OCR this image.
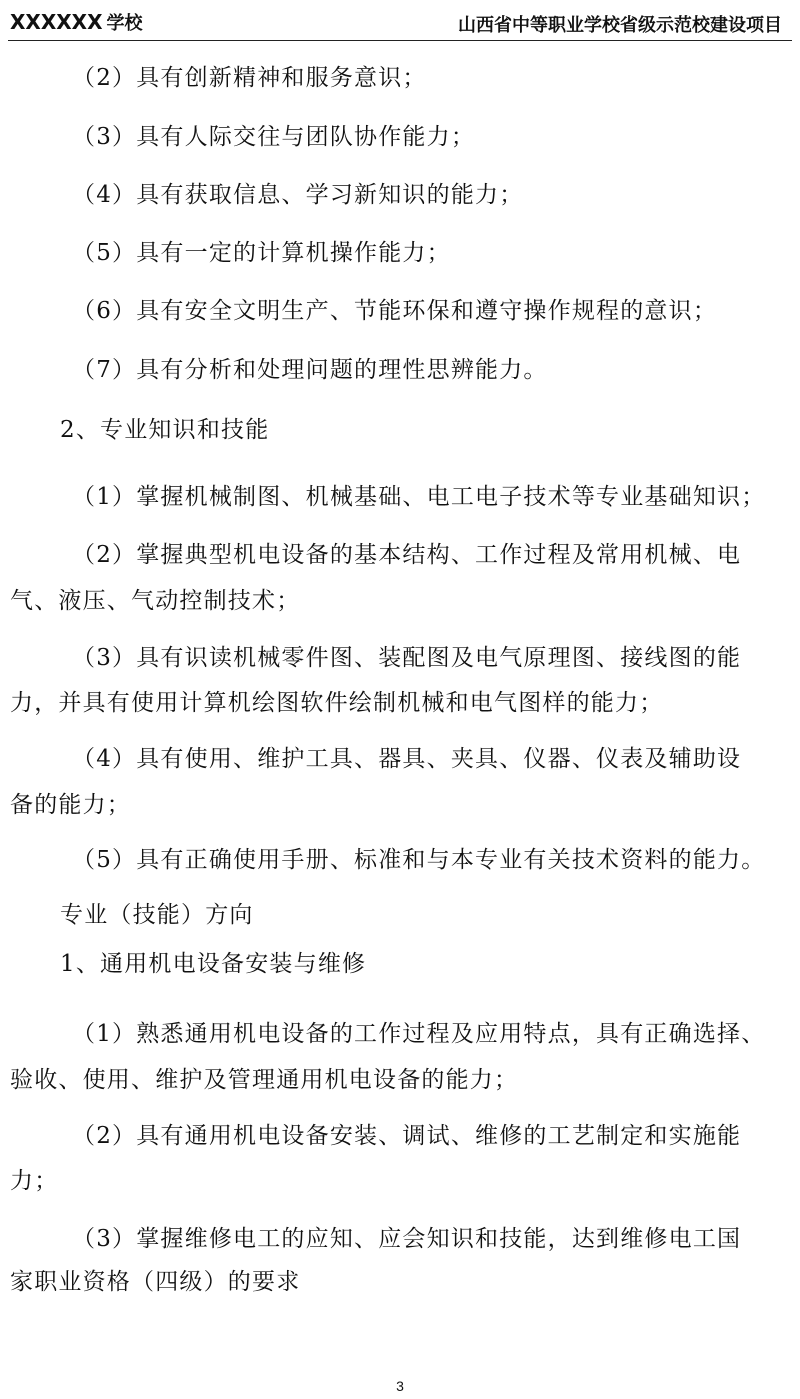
XXXXXX 学校	山西省中等职业学校省级示范校建设项目
（2）具有创新精神和服务意识；
（3）具有人际交往与团队协作能力；
（4）具有获取信息、学习新知识的能力；
（5）具有一定的计算机操作能力；
（6）具有安全文明生产、节能环保和遵守操作规程的意识；
（7）具有分析和处理问题的理性思辨能力。
2、专业知识和技能
（1）掌握机械制图、机械基础、电工电子技术等专业基础知识；
（2）掌握典型机电设备的基本结构、工作过程及常用机械、电
气、液压、气动控制技术；
（3）具有识读机械零件图、装配图及电气原理图、接线图的能
力，并具有使用计算机绘图软件绘制机械和电气图样的能力；
（4）具有使用、维护工具、器具、夹具、仪器、仪表及辅助设
备的能力；
（5）具有正确使用手册、标准和与本专业有关技术资料的能力。
专业（技能）方向
1、通用机电设备安装与维修
（1）熟悉通用机电设备的工作过程及应用特点，具有正确选择、
验收、使用、维护及管理通用机电设备的能力；
（2）具有通用机电设备安装、调试、维修的工艺制定和实施能
力；
（3）掌握维修电工的应知、应会知识和技能，达到维修电工国
家职业资格（四级）的要求
3
